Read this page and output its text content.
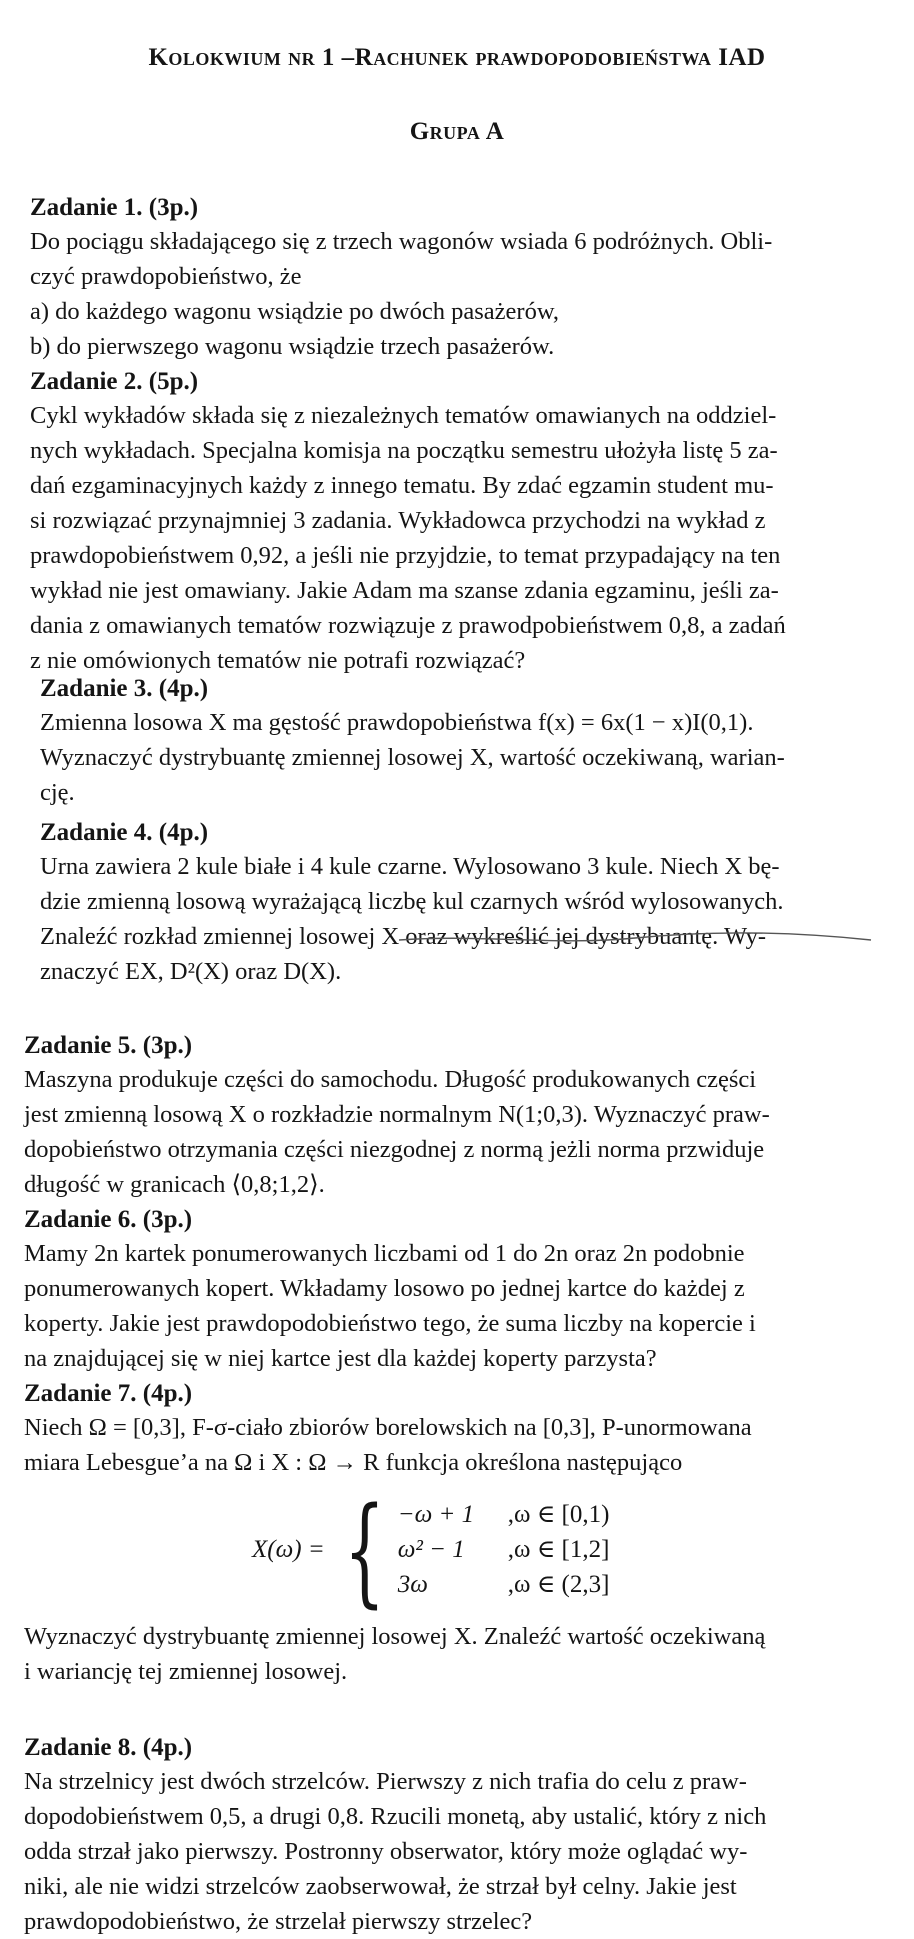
Kolokwium nr 1 –Rachunek prawdopodobieństwa IAD
Grupa A
Zadanie 1. (3p.)
Do pociągu składającego się z trzech wagonów wsiada 6 podróżnych. Obli-
czyć prawdopobieństwo, że
a) do każdego wagonu wsiądzie po dwóch pasażerów,
b) do pierwszego wagonu wsiądzie trzech pasażerów.
Zadanie 2. (5p.)
Cykl wykładów składa się z niezależnych tematów omawianych na oddziel-
nych wykładach. Specjalna komisja na początku semestru ułożyła listę 5 za-
dań ezgaminacyjnych każdy z innego tematu. By zdać egzamin student mu-
si rozwiązać przynajmniej 3 zadania. Wykładowca przychodzi na wykład z
prawdopobieństwem 0,92, a jeśli nie przyjdzie, to temat przypadający na ten
wykład nie jest omawiany. Jakie Adam ma szanse zdania egzaminu, jeśli za-
dania z omawianych tematów rozwiązuje z prawodpobieństwem 0,8, a zadań
z nie omówionych tematów nie potrafi rozwiązać?
Zadanie 3. (4p.)
Zmienna losowa X ma gęstość prawdopobieństwa f(x) = 6x(1 − x)I(0,1).
Wyznaczyć dystrybuantę zmiennej losowej X, wartość oczekiwaną, warian-
cję.
Zadanie 4. (4p.)
Urna zawiera 2 kule białe i 4 kule czarne. Wylosowano 3 kule. Niech X bę-
dzie zmienną losową wyrażającą liczbę kul czarnych wśród wylosowanych.
Znaleźć rozkład zmiennej losowej X oraz wykreślić jej dystrybuantę. Wy-
znaczyć EX, D²(X) oraz D(X).
Zadanie 5. (3p.)
Maszyna produkuje części do samochodu. Długość produkowanych części
jest zmienną losową X o rozkładzie normalnym N(1;0,3). Wyznaczyć praw-
dopobieństwo otrzymania części niezgodnej z normą jeżli norma przwiduje
długość w granicach ⟨0,8;1,2⟩.
Zadanie 6. (3p.)
Mamy 2n kartek ponumerowanych liczbami od 1 do 2n oraz 2n podobnie
ponumerowanych kopert. Wkładamy losowo po jednej kartce do każdej z
koperty. Jakie jest prawdopodobieństwo tego, że suma liczby na kopercie i
na znajdującej się w niej kartce jest dla każdej koperty parzysta?
Zadanie 7. (4p.)
Niech Ω = [0,3], F-σ-ciało zbiorów borelowskich na [0,3], P-unormowana
miara Lebesgue’a na Ω i X : Ω → R funkcja określona następująco
X(ω) = { −ω + 1	,ω ∈ [0,1)
ω² − 1	,ω ∈ [1,2]
3ω	,ω ∈ (2,3]
Wyznaczyć dystrybuantę zmiennej losowej X. Znaleźć wartość oczekiwaną
i wariancję tej zmiennej losowej.
Zadanie 8. (4p.)
Na strzelnicy jest dwóch strzelców. Pierwszy z nich trafia do celu z praw-
dopodobieństwem 0,5, a drugi 0,8. Rzucili monetą, aby ustalić, który z nich
odda strzał jako pierwszy. Postronny obserwator, który może oglądać wy-
niki, ale nie widzi strzelców zaobserwował, że strzał był celny. Jakie jest
prawdopodobieństwo, że strzelał pierwszy strzelec?
